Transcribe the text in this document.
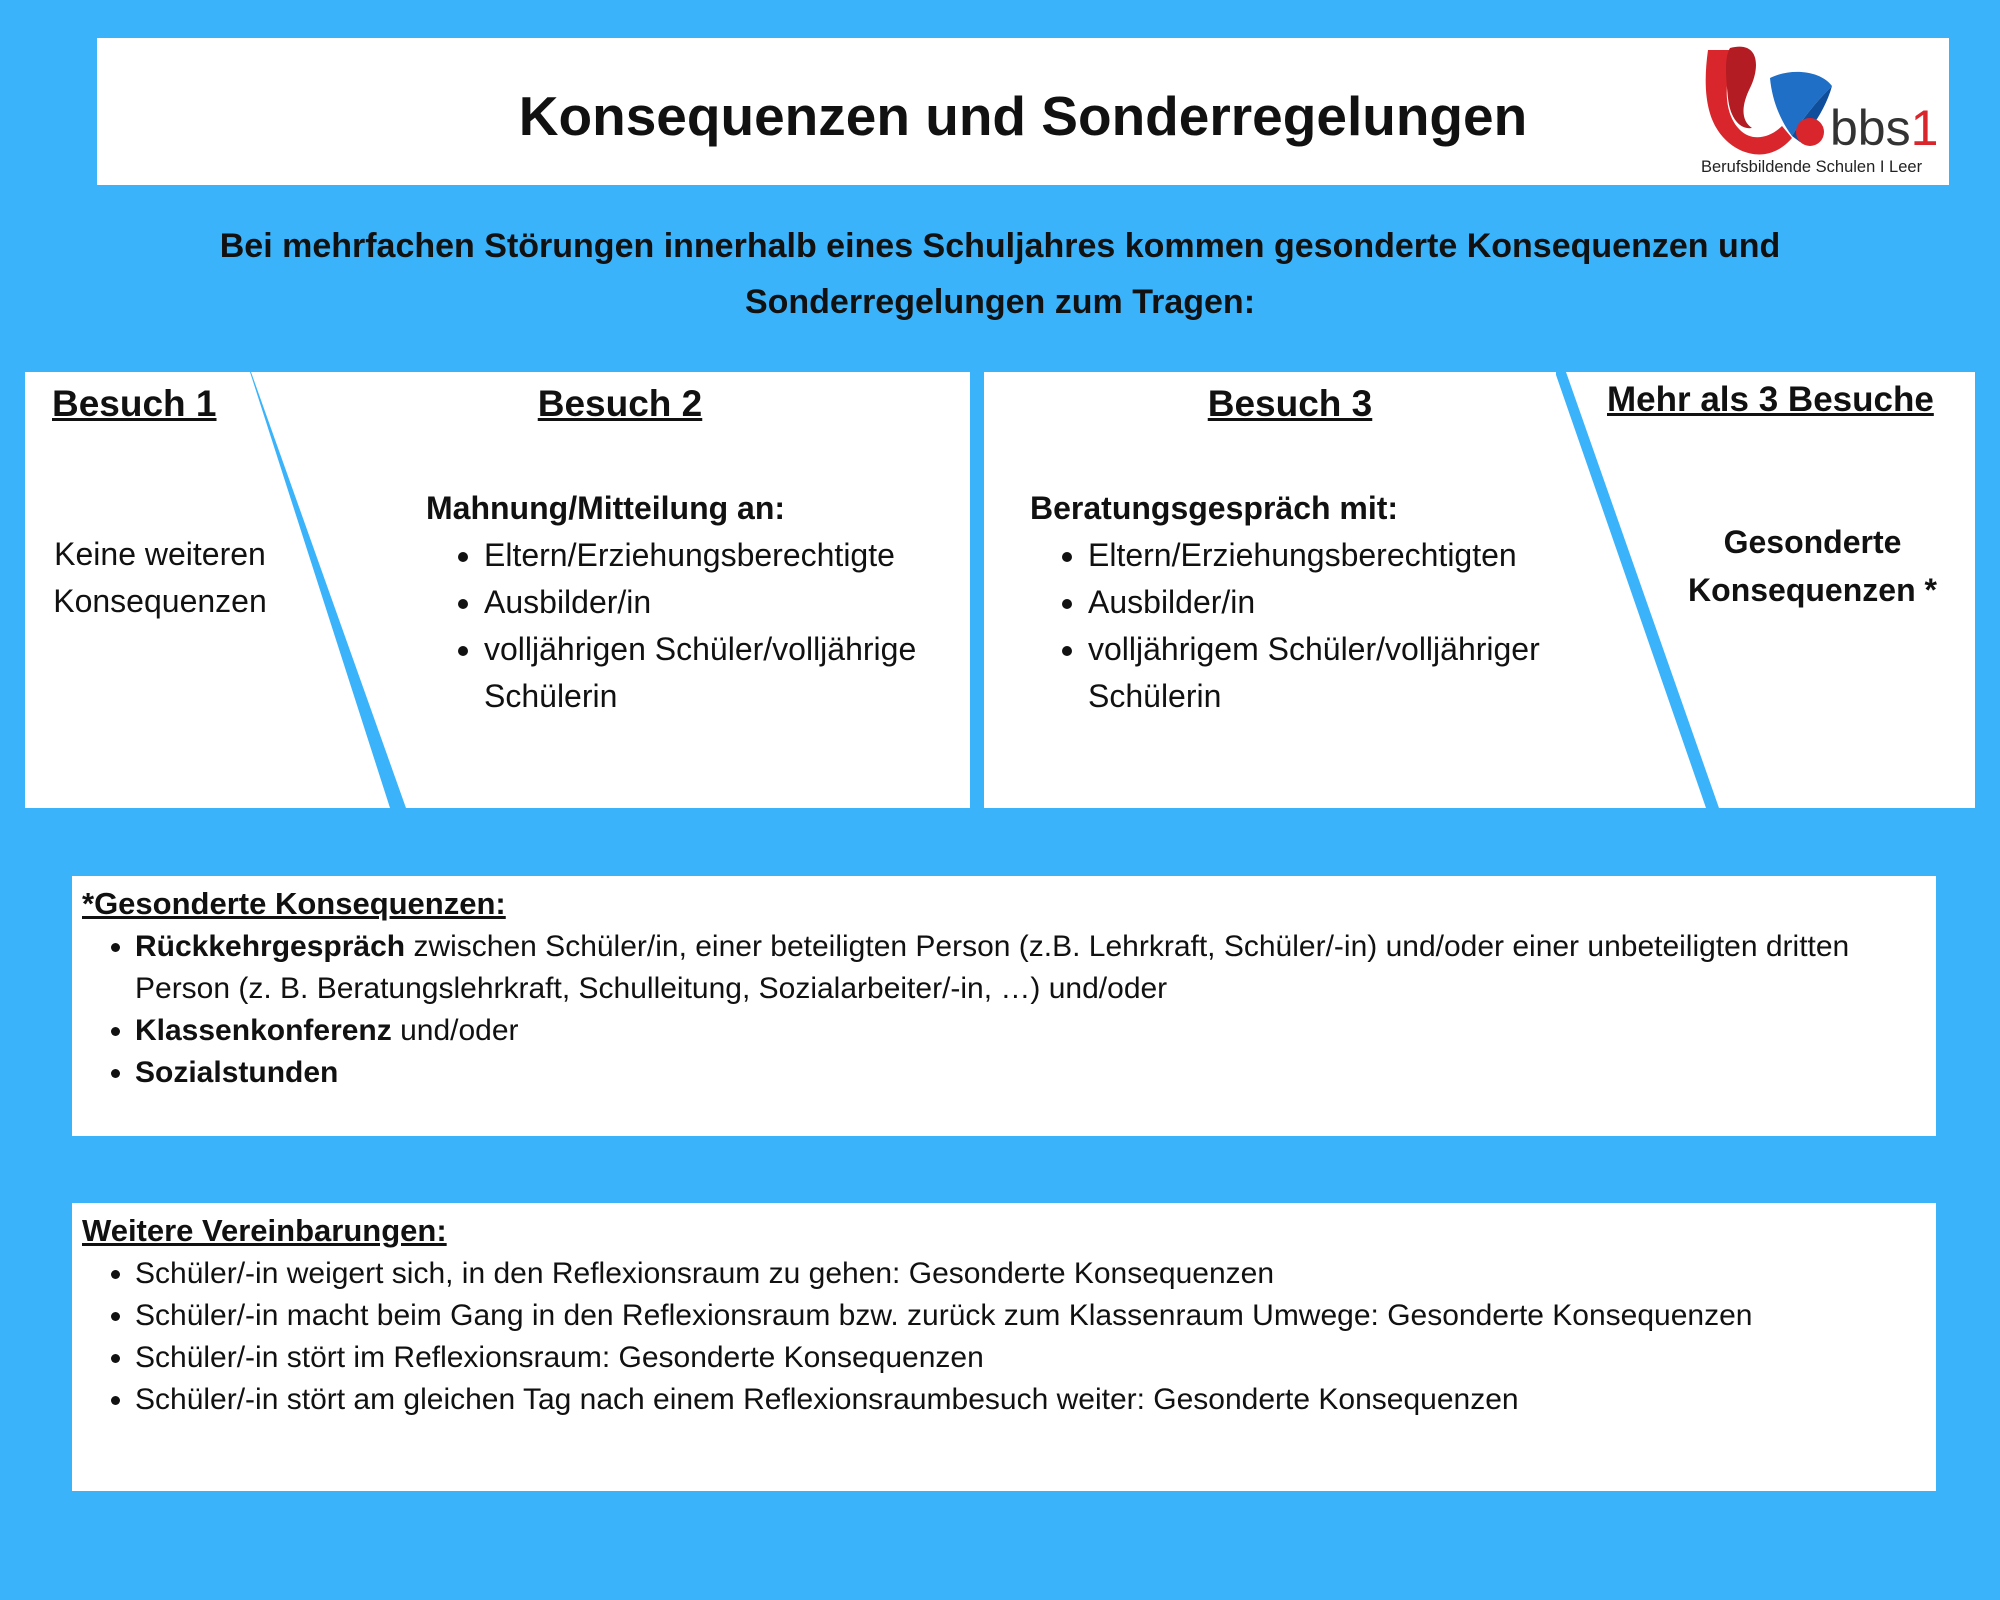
Konsequenzen und Sonderregelungen	bbs1
Berufsbildende Schulen I Leer
Bei mehrfachen Störungen innerhalb eines Schuljahres kommen gesonderte Konsequenzen und Sonderregelungen zum Tragen:
Besuch 1
Keine weiteren Konsequenzen
Besuch 2
Mahnung/Mitteilung an:
• Eltern/Erziehungsberechtigte
• Ausbilder/in
• volljährigen Schüler/volljährige Schülerin
Besuch 3
Beratungsgespräch mit:
• Eltern/Erziehungsberechtigten
• Ausbilder/in
• volljährigem Schüler/volljähriger Schülerin
Mehr als 3 Besuche
Gesonderte Konsequenzen *
*Gesonderte Konsequenzen:
• Rückkehrgespräch zwischen Schüler/in, einer beteiligten Person (z.B. Lehrkraft, Schüler/-in) und/oder einer unbeteiligten dritten Person (z. B. Beratungslehrkraft, Schulleitung, Sozialarbeiter/-in, …) und/oder
• Klassenkonferenz und/oder
• Sozialstunden
Weitere Vereinbarungen:
• Schüler/-in weigert sich, in den Reflexionsraum zu gehen: Gesonderte Konsequenzen
• Schüler/-in macht beim Gang in den Reflexionsraum bzw. zurück zum Klassenraum Umwege: Gesonderte Konsequenzen
• Schüler/-in stört im Reflexionsraum: Gesonderte Konsequenzen
• Schüler/-in stört am gleichen Tag nach einem Reflexionsraumbesuch weiter: Gesonderte Konsequenzen
